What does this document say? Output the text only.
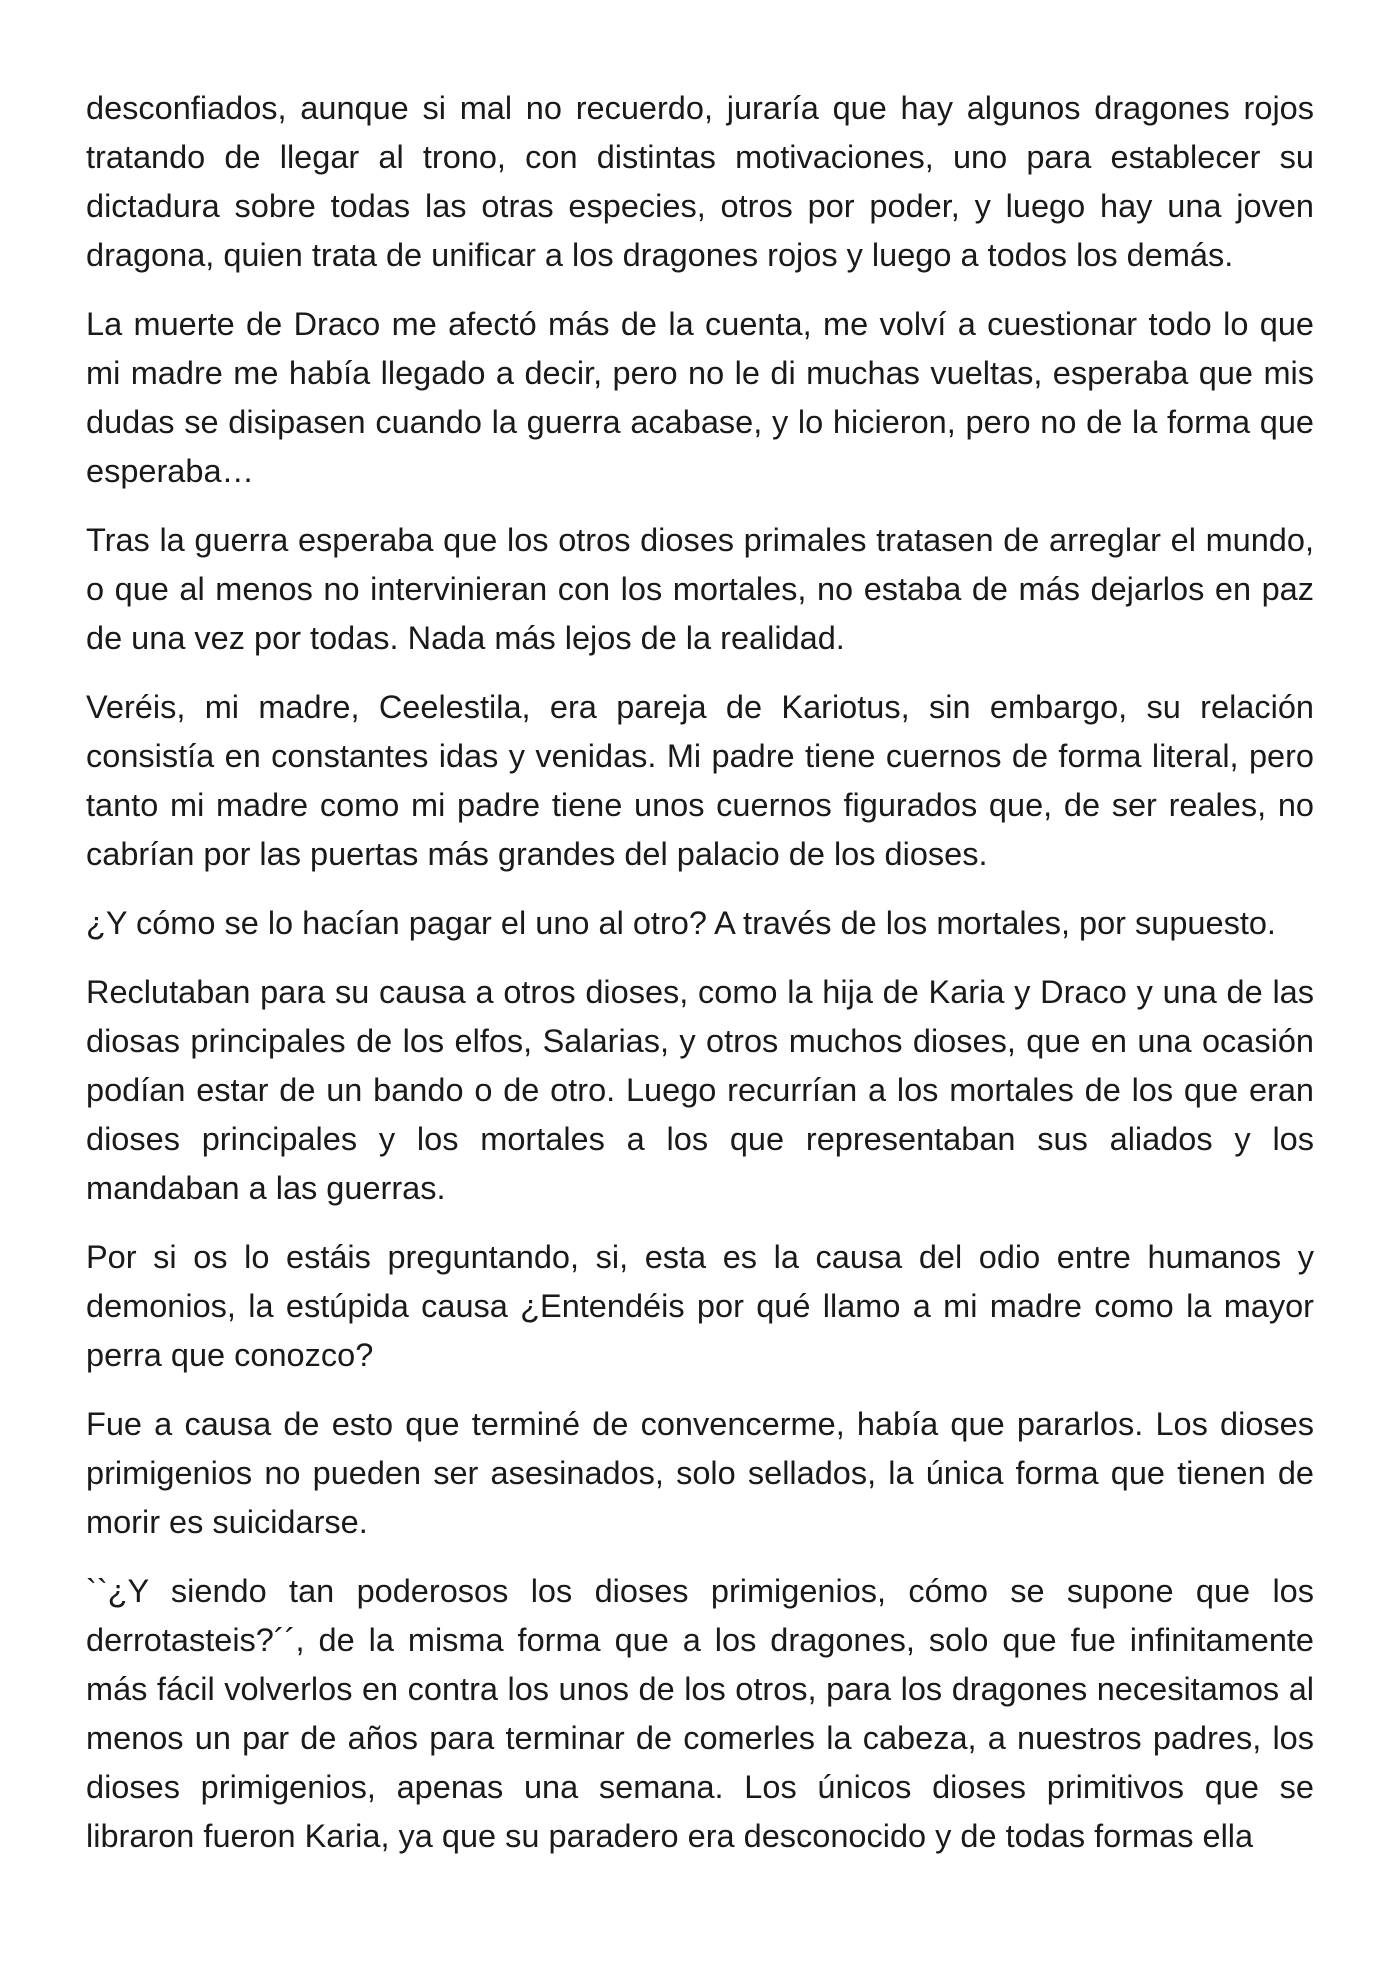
desconfiados, aunque si mal no recuerdo, juraría que hay algunos dragones rojos tratando de llegar al trono, con distintas motivaciones, uno para establecer su dictadura sobre todas las otras especies, otros por poder, y luego hay una joven dragona, quien trata de unificar a los dragones rojos y luego a todos los demás.

La muerte de Draco me afectó más de la cuenta, me volví a cuestionar todo lo que mi madre me había llegado a decir, pero no le di muchas vueltas, esperaba que mis dudas se disipasen cuando la guerra acabase, y lo hicieron, pero no de la forma que esperaba…

Tras la guerra esperaba que los otros dioses primales tratasen de arreglar el mundo, o que al menos no intervinieran con los mortales, no estaba de más dejarlos en paz de una vez por todas. Nada más lejos de la realidad.

Veréis, mi madre, Ceelestila, era pareja de Kariotus, sin embargo, su relación consistía en constantes idas y venidas. Mi padre tiene cuernos de forma literal, pero tanto mi madre como mi padre tiene unos cuernos figurados que, de ser reales, no cabrían por las puertas más grandes del palacio de los dioses.

¿Y cómo se lo hacían pagar el uno al otro? A través de los mortales, por supuesto.

Reclutaban para su causa a otros dioses, como la hija de Karia y Draco y una de las diosas principales de los elfos, Salarias, y otros muchos dioses, que en una ocasión podían estar de un bando o de otro. Luego recurrían a los mortales de los que eran dioses principales y los mortales a los que representaban sus aliados y los mandaban a las guerras.

Por si os lo estáis preguntando, si, esta es la causa del odio entre humanos y demonios, la estúpida causa ¿Entendéis por qué llamo a mi madre como la mayor perra que conozco?

Fue a causa de esto que terminé de convencerme, había que pararlos. Los dioses primigenios no pueden ser asesinados, solo sellados, la única forma que tienen de morir es suicidarse.

``¿Y siendo tan poderosos los dioses primigenios, cómo se supone que los derrotasteis?´´, de la misma forma que a los dragones, solo que fue infinitamente más fácil volverlos en contra los unos de los otros, para los dragones necesitamos al menos un par de años para terminar de comerles la cabeza, a nuestros padres, los dioses primigenios, apenas una semana. Los únicos dioses primitivos que se libraron fueron Karia, ya que su paradero era desconocido y de todas formas ella
